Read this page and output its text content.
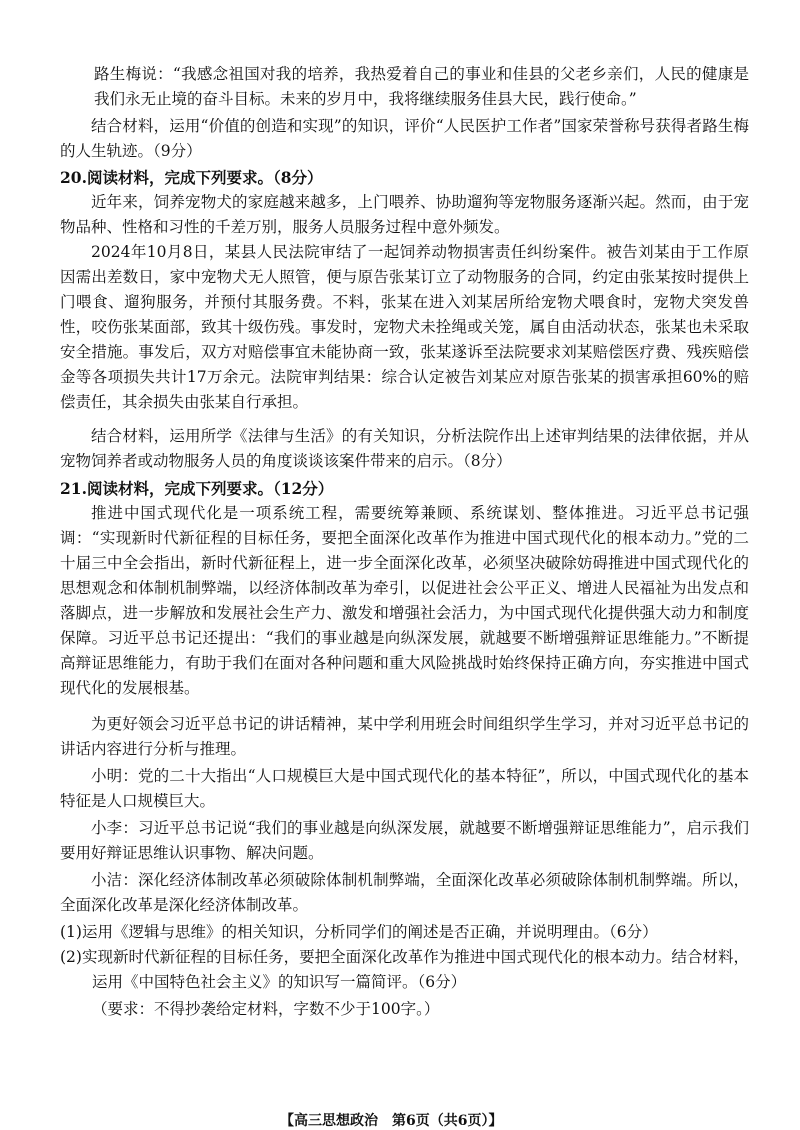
路生梅说：“我感念祖国对我的培养，我热爱着自己的事业和佳县的父老乡亲们，人民的健康是我们永无止境的奋斗目标。未来的岁月中，我将继续服务佳县大民，践行使命。”

结合材料，运用“价值的创造和实现”的知识，评价“人民医护工作者”国家荣誉称号获得者路生梅的人生轨迹。（9分）

20.阅读材料，完成下列要求。（8分）

近年来，饲养宠物犬的家庭越来越多，上门喂养、协助遛狗等宠物服务逐渐兴起。然而，由于宠物品种、性格和习性的千差万别，服务人员服务过程中意外频发。

2024年10月8日，某县人民法院审结了一起饲养动物损害责任纠纷案件。被告刘某由于工作原因需出差数日，家中宠物犬无人照管，便与原告张某订立了动物服务的合同，约定由张某按时提供上门喂食、遛狗服务，并预付其服务费。不料，张某在进入刘某居所给宠物犬喂食时，宠物犬突发兽性，咬伤张某面部，致其十级伤残。事发时，宠物犬未拴绳或关笼，属自由活动状态，张某也未采取安全措施。事发后，双方对赔偿事宜未能协商一致，张某遂诉至法院要求刘某赔偿医疗费、残疾赔偿金等各项损失共计17万余元。法院审判结果：综合认定被告刘某应对原告张某的损害承担60%的赔偿责任，其余损失由张某自行承担。

结合材料，运用所学《法律与生活》的有关知识，分析法院作出上述审判结果的法律依据，并从宠物饲养者或动物服务人员的角度谈谈该案件带来的启示。（8分）

21.阅读材料，完成下列要求。（12分）

推进中国式现代化是一项系统工程，需要统筹兼顾、系统谋划、整体推进。习近平总书记强调：“实现新时代新征程的目标任务，要把全面深化改革作为推进中国式现代化的根本动力。”党的二十届三中全会指出，新时代新征程上，进一步全面深化改革，必须坚决破除妨碍推进中国式现代化的思想观念和体制机制弊端，以经济体制改革为牵引，以促进社会公平正义、增进人民福祉为出发点和落脚点，进一步解放和发展社会生产力、激发和增强社会活力，为中国式现代化提供强大动力和制度保障。习近平总书记还提出：“我们的事业越是向纵深发展，就越要不断增强辩证思维能力。”不断提高辩证思维能力，有助于我们在面对各种问题和重大风险挑战时始终保持正确方向，夯实推进中国式现代化的发展根基。

为更好领会习近平总书记的讲话精神，某中学利用班会时间组织学生学习，并对习近平总书记的讲话内容进行分析与推理。

小明：党的二十大指出“人口规模巨大是中国式现代化的基本特征”，所以，中国式现代化的基本特征是人口规模巨大。

小李：习近平总书记说“我们的事业越是向纵深发展，就越要不断增强辩证思维能力”，启示我们要用好辩证思维认识事物、解决问题。

小洁：深化经济体制改革必须破除体制机制弊端，全面深化改革必须破除体制机制弊端。所以，全面深化改革是深化经济体制改革。

(1)运用《逻辑与思维》的相关知识，分析同学们的阐述是否正确，并说明理由。（6分）

(2)实现新时代新征程的目标任务，要把全面深化改革作为推进中国式现代化的根本动力。结合材料，运用《中国特色社会主义》的知识写一篇简评。（6分）

（要求：不得抄袭给定材料，字数不少于100字。）

【高三思想政治　第6页（共6页）】
